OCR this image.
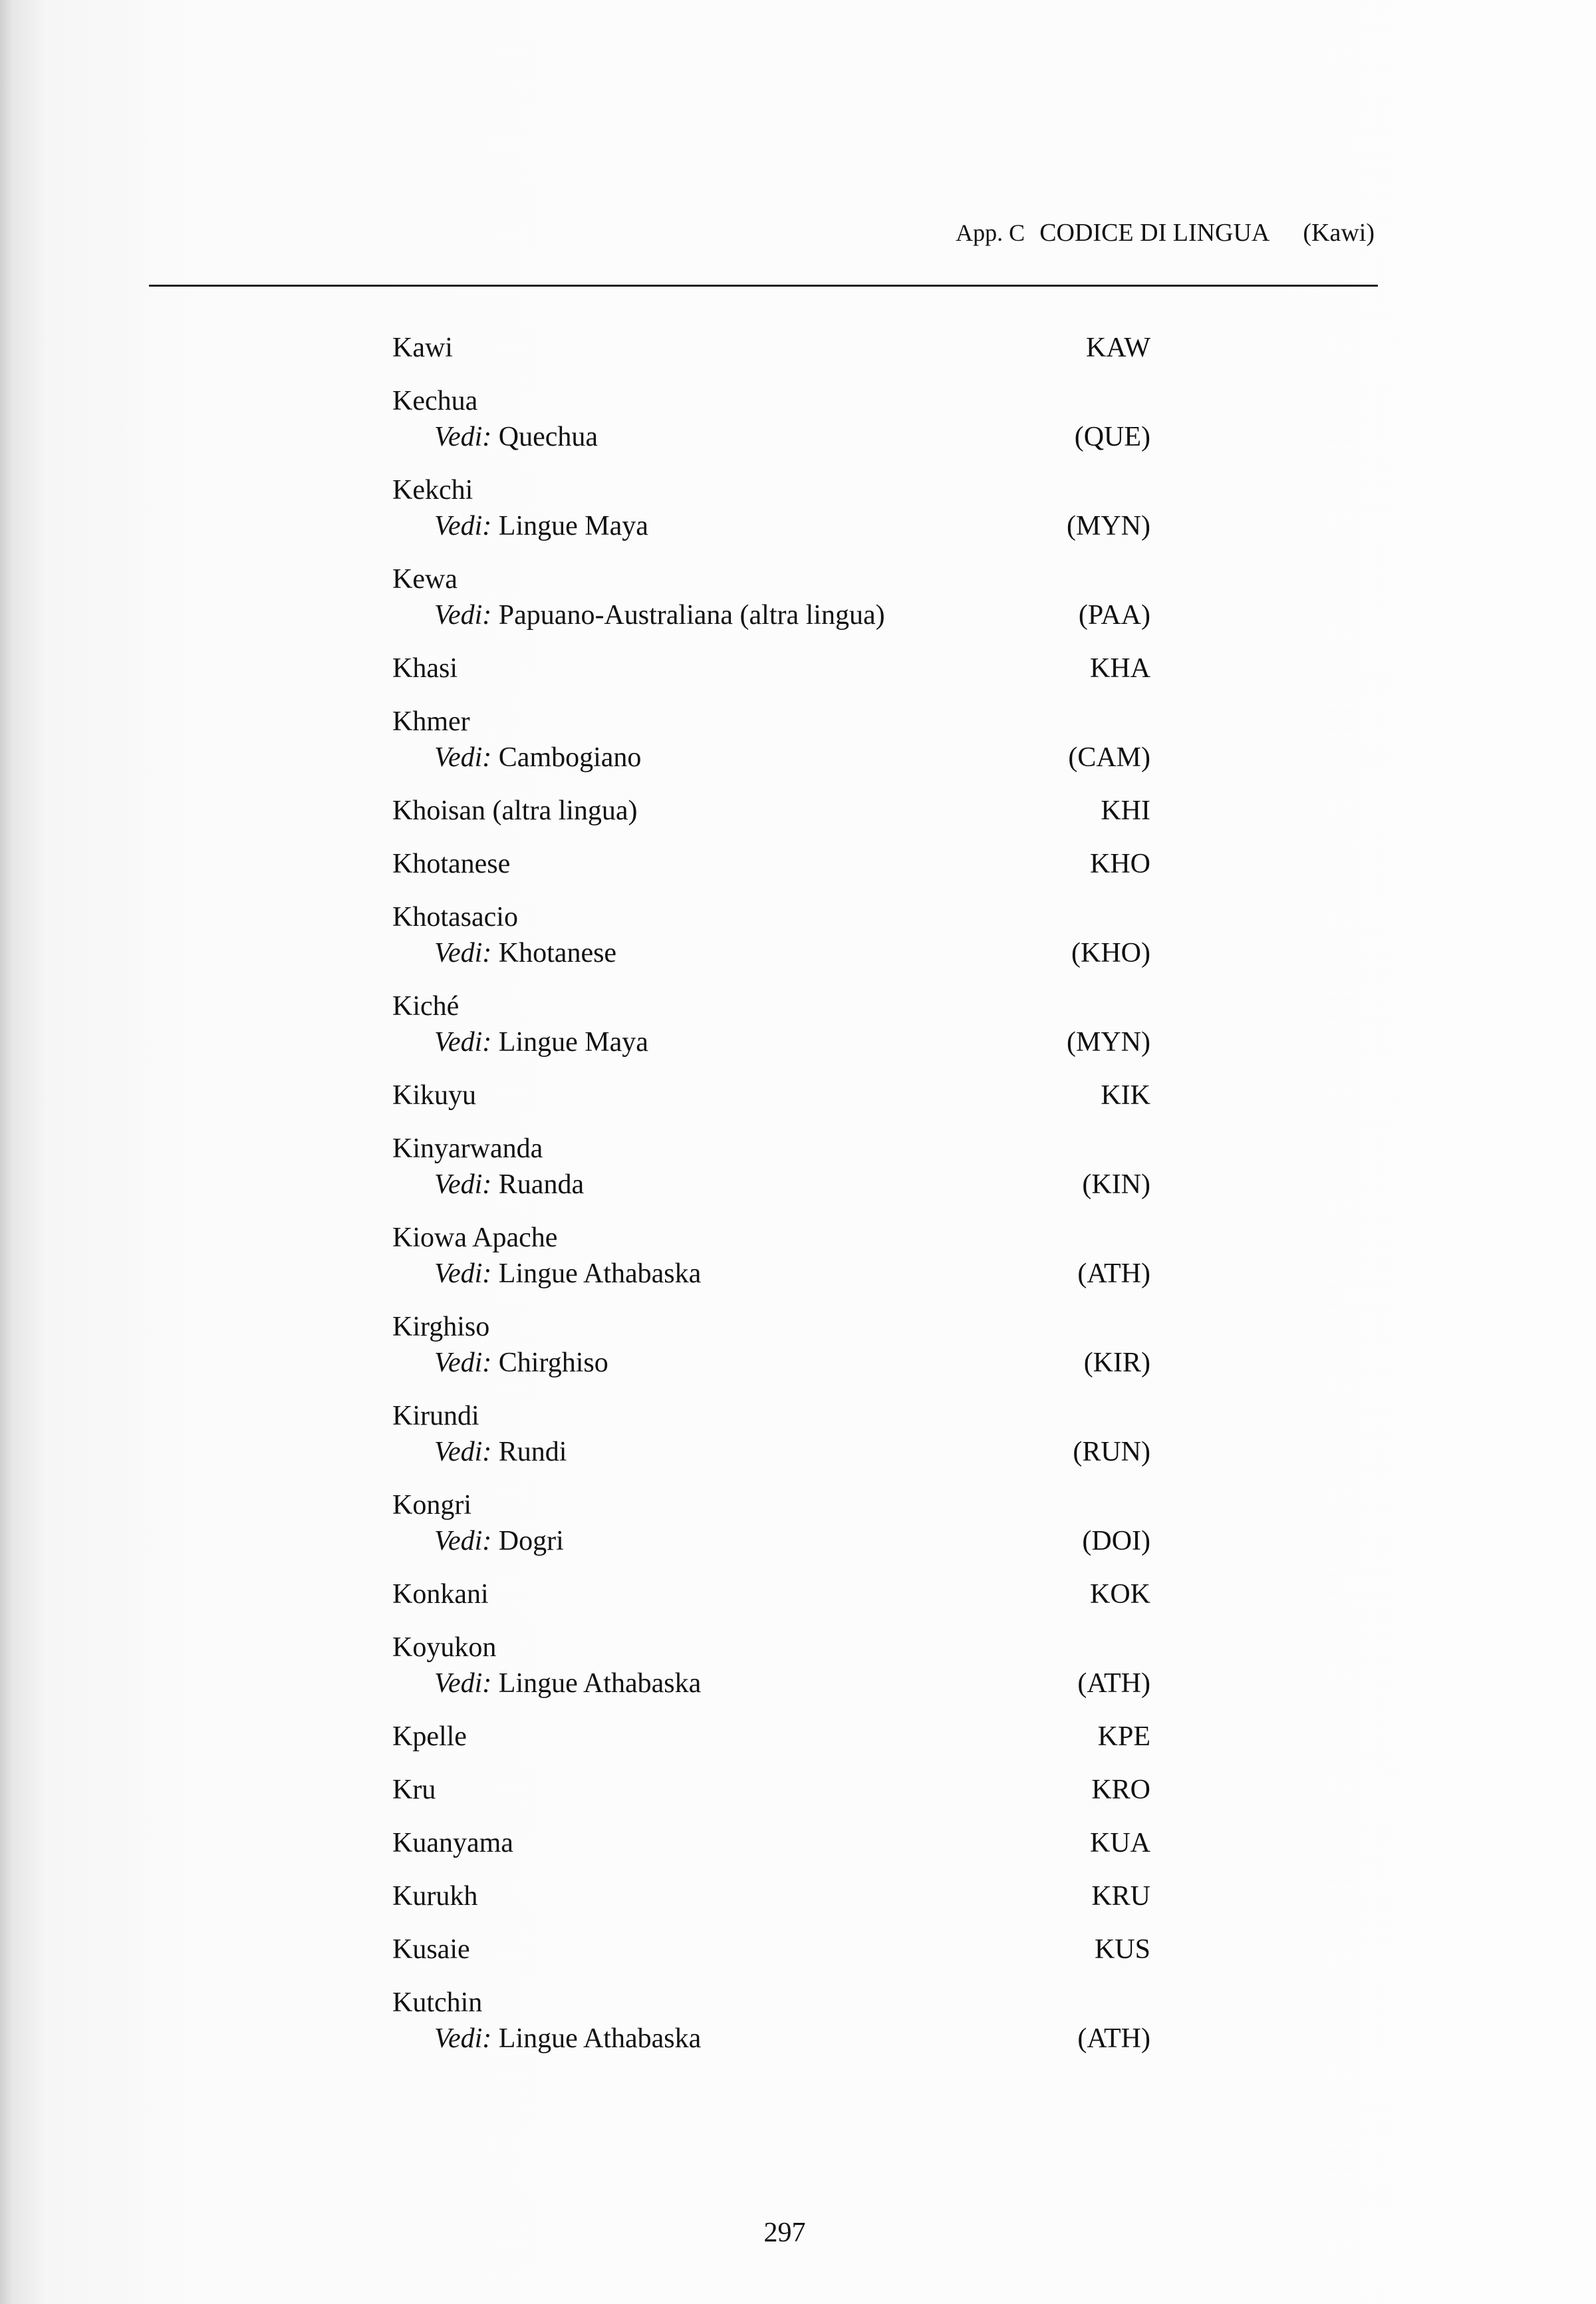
App. C CODICE DI LINGUA (Kawi)
Kawi	KAW
Kechua
Vedi: Quechua	(QUE)
Kekchi
Vedi: Lingue Maya	(MYN)
Kewa
Vedi: Papuano-Australiana (altra lingua)	(PAA)
Khasi	KHA
Khmer
Vedi: Cambogiano	(CAM)
Khoisan (altra lingua)	KHI
Khotanese	KHO
Khotasacio
Vedi: Khotanese	(KHO)
Kiché
Vedi: Lingue Maya	(MYN)
Kikuyu	KIK
Kinyarwanda
Vedi: Ruanda	(KIN)
Kiowa Apache
Vedi: Lingue Athabaska	(ATH)
Kirghiso
Vedi: Chirghiso	(KIR)
Kirundi
Vedi: Rundi	(RUN)
Kongri
Vedi: Dogri	(DOI)
Konkani	KOK
Koyukon
Vedi: Lingue Athabaska	(ATH)
Kpelle	KPE
Kru	KRO
Kuanyama	KUA
Kurukh	KRU
Kusaie	KUS
Kutchin
Vedi: Lingue Athabaska	(ATH)
297
